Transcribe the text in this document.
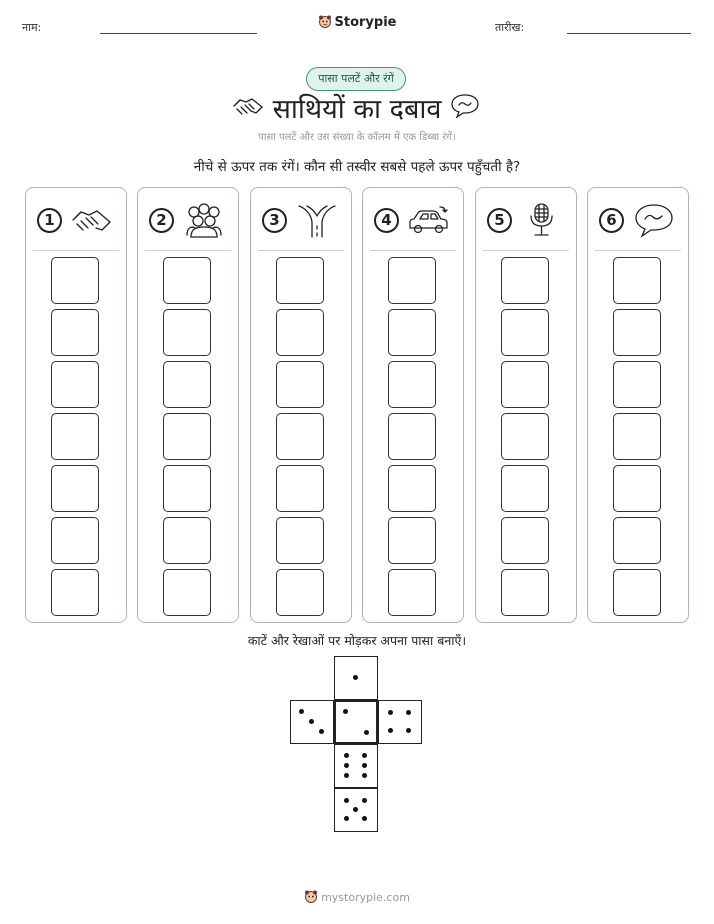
नाम:	Storypie	तारीख:
पासा पलटें और रंगें
साथियों का दबाव
पासा पलटें और उस संख्या के कॉलम में एक डिब्बा रंगें।
नीचे से ऊपर तक रंगें। कौन सी तस्वीर सबसे पहले ऊपर पहुँचती है?
1	2	3	4	5	6
काटें और रेखाओं पर मोड़कर अपना पासा बनाएँ।
mystorypie.com
